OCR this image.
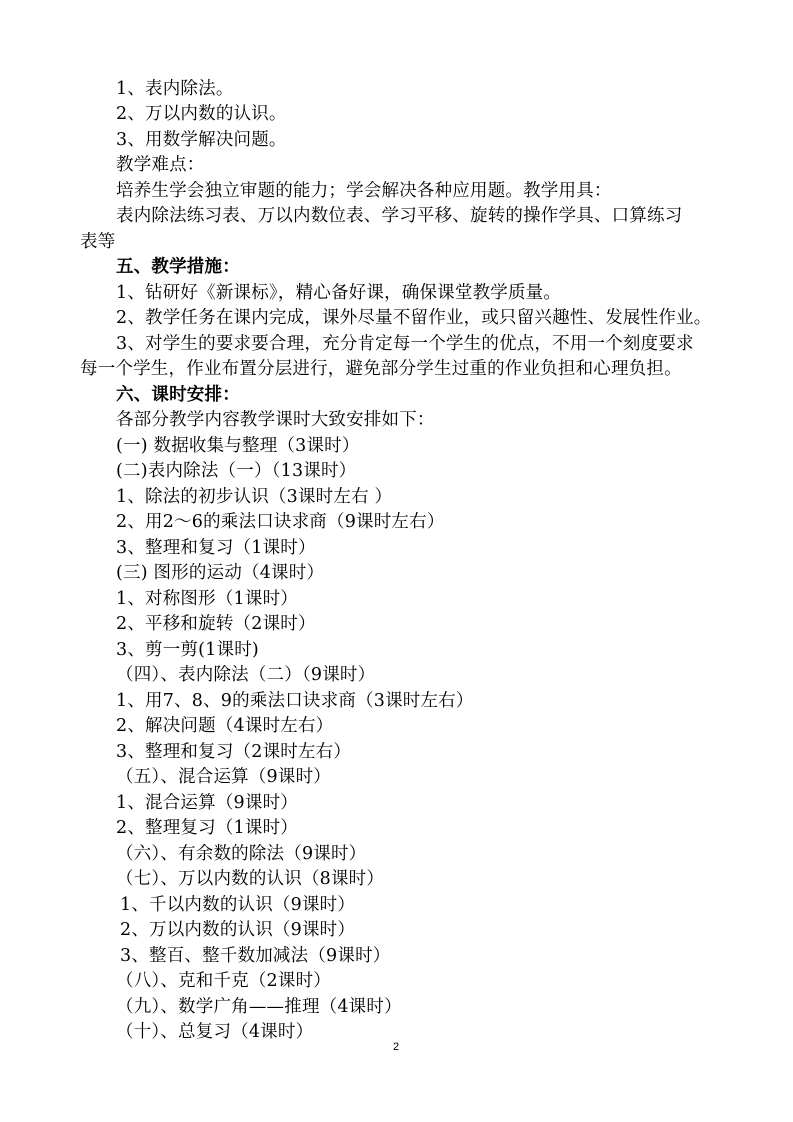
1、表内除法。
2、万以内数的认识。
3、用数学解决问题。
教学难点：
培养生学会独立审题的能力；学会解决各种应用题。教学用具：
表内除法练习表、万以内数位表、学习平移、旋转的操作学具、口算练习
表等
五、教学措施：
1、钻研好《新课标》，精心备好课，确保课堂教学质量。
2、教学任务在课内完成，课外尽量不留作业，或只留兴趣性、发展性作业。
3、对学生的要求要合理，充分肯定每一个学生的优点，不用一个刻度要求
每一个学生，作业布置分层进行，避免部分学生过重的作业负担和心理负担。
六、课时安排：
各部分教学内容教学课时大致安排如下：
(一) 数据收集与整理（3课时）
(二)表内除法（一）（13课时）
1、除法的初步认识（3课时左右 ）
2、用2～6的乘法口诀求商（9课时左右）
3、整理和复习（1课时）
(三) 图形的运动（4课时）
1、对称图形（1课时）
2、平移和旋转（2课时）
3、剪一剪(1课时)
（四）、表内除法（二）（9课时）
1、用7、8、9的乘法口诀求商（3课时左右）
2、解决问题（4课时左右）
3、整理和复习（2课时左右）
（五）、混合运算（9课时）
1、混合运算（9课时）
2、整理复习（1课时）
（六）、有余数的除法（9课时）
（七）、万以内数的认识（8课时）
1、千以内数的认识（9课时）
2、万以内数的认识（9课时）
3、整百、整千数加减法（9课时）
（八）、克和千克（2课时）
（九）、数学广角——推理（4课时）
（十）、总复习（4课时）
2
